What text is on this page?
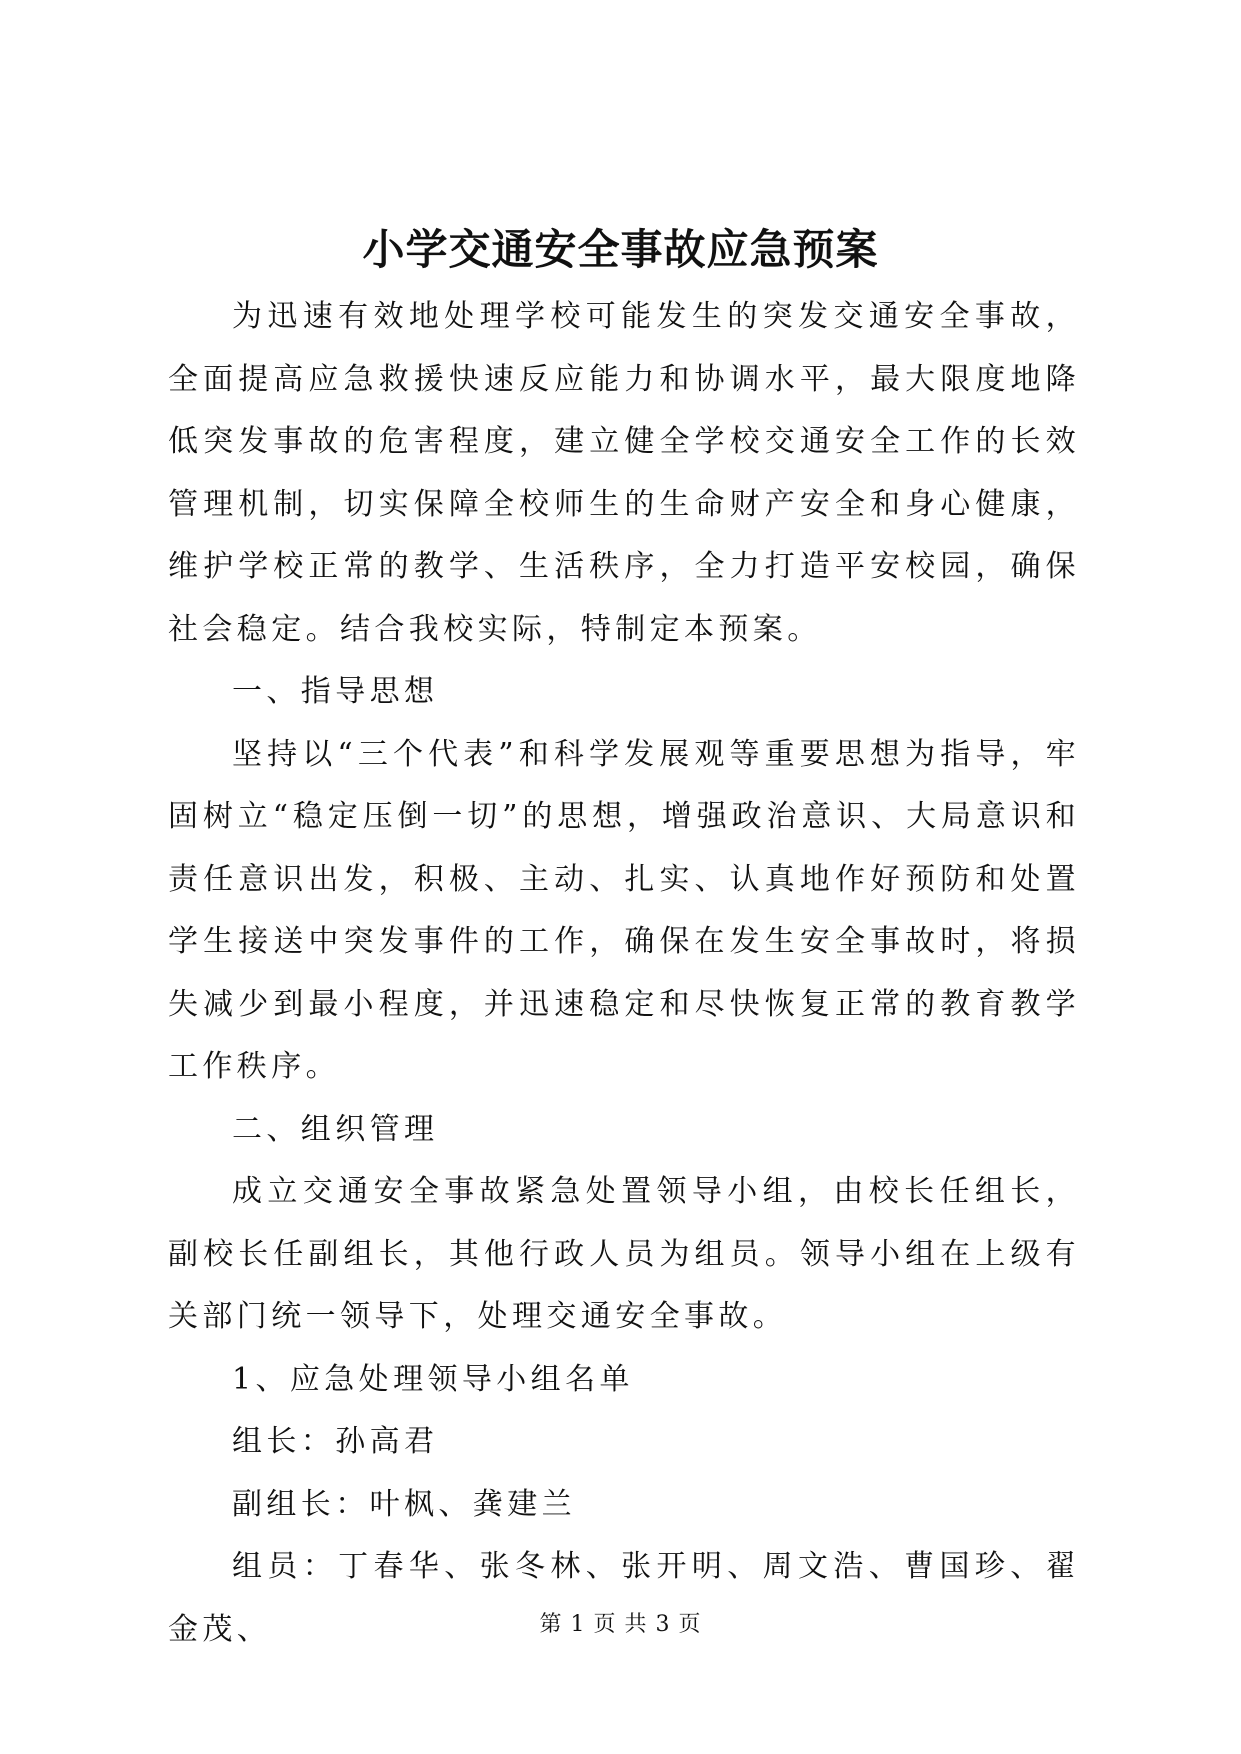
小学交通安全事故应急预案

为迅速有效地处理学校可能发生的突发交通安全事故，全面提高应急救援快速反应能力和协调水平，最大限度地降低突发事故的危害程度，建立健全学校交通安全工作的长效管理机制，切实保障全校师生的生命财产安全和身心健康，维护学校正常的教学、生活秩序，全力打造平安校园，确保社会稳定。结合我校实际，特制定本预案。

一、指导思想

坚持以“三个代表”和科学发展观等重要思想为指导，牢固树立“稳定压倒一切”的思想，增强政治意识、大局意识和责任意识出发，积极、主动、扎实、认真地作好预防和处置学生接送中突发事件的工作，确保在发生安全事故时，将损失减少到最小程度，并迅速稳定和尽快恢复正常的教育教学工作秩序。

二、组织管理

成立交通安全事故紧急处置领导小组，由校长任组长，副校长任副组长，其他行政人员为组员。领导小组在上级有关部门统一领导下，处理交通安全事故。

1、应急处理领导小组名单

组长：孙高君

副组长：叶枫、龚建兰

组员：丁春华、张冬林、张开明、周文浩、曹国珍、翟金茂、	第 1 页 共 3 页
